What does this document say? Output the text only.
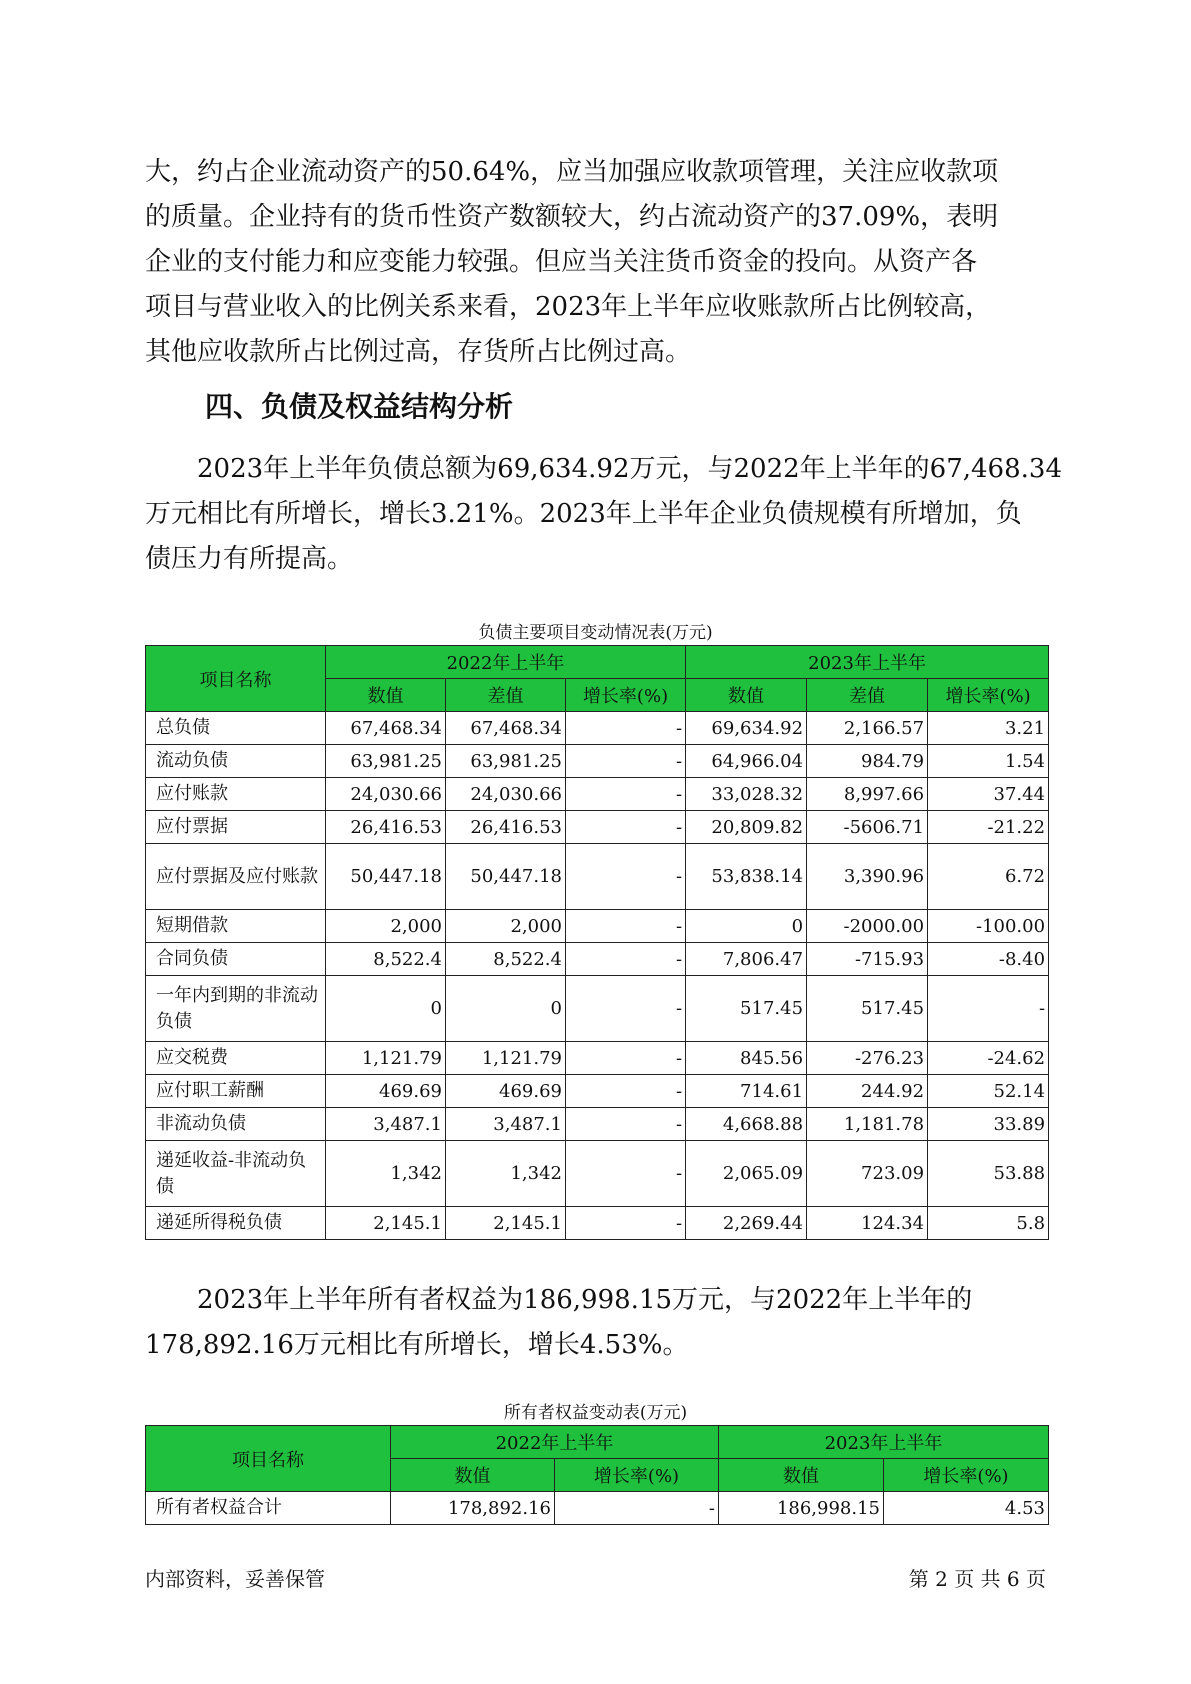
大，约占企业流动资产的50.64%，应当加强应收款项管理，关注应收款项
的质量。企业持有的货币性资产数额较大，约占流动资产的37.09%，表明
企业的支付能力和应变能力较强。但应当关注货币资金的投向。从资产各
项目与营业收入的比例关系来看，2023年上半年应收账款所占比例较高，
其他应收款所占比例过高，存货所占比例过高。
四、负债及权益结构分析
2023年上半年负债总额为69,634.92万元，与2022年上半年的67,468.34
万元相比有所增长，增长3.21%。2023年上半年企业负债规模有所增加，负
债压力有所提高。

负债主要项目变动情况表(万元)

项目名称	2022年上半年			2023年上半年		
	数值	差值	增长率(%)	数值	差值	增长率(%)
总负债	67,468.34	67,468.34	-	69,634.92	2,166.57	3.21
流动负债	63,981.25	63,981.25	-	64,966.04	984.79	1.54
应付账款	24,030.66	24,030.66	-	33,028.32	8,997.66	37.44
应付票据	26,416.53	26,416.53	-	20,809.82	-5606.71	-21.22
应付票据及应付账款	50,447.18	50,447.18	-	53,838.14	3,390.96	6.72
短期借款	2,000	2,000	-	0	-2000.00	-100.00
合同负债	8,522.4	8,522.4	-	7,806.47	-715.93	-8.40
一年内到期的非流动负债	0	0	-	517.45	517.45	-
应交税费	1,121.79	1,121.79	-	845.56	-276.23	-24.62
应付职工薪酬	469.69	469.69	-	714.61	244.92	52.14
非流动负债	3,487.1	3,487.1	-	4,668.88	1,181.78	33.89
递延收益-非流动负债	1,342	1,342	-	2,065.09	723.09	53.88
递延所得税负债	2,145.1	2,145.1	-	2,269.44	124.34	5.8
2023年上半年所有者权益为186,998.15万元，与2022年上半年的
178,892.16万元相比有所增长，增长4.53%。

所有者权益变动表(万元)

项目名称	2022年上半年		2023年上半年	
	数值	增长率(%)	数值	增长率(%)
所有者权益合计	178,892.16	-	186,998.15	4.53

内部资料，妥善保管	第 2 页 共 6 页
